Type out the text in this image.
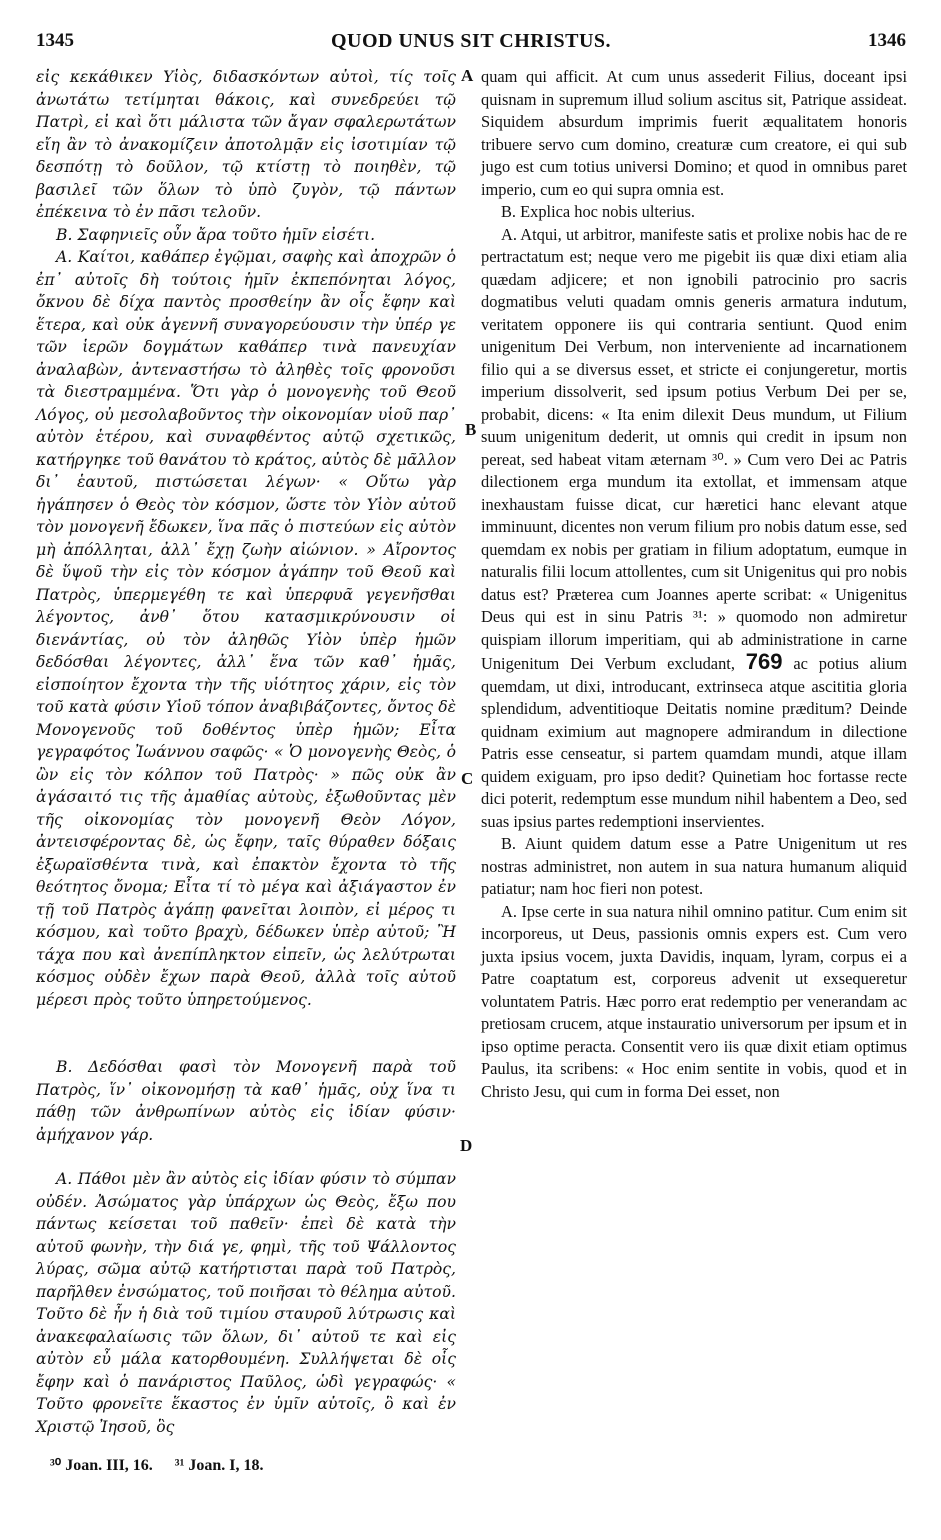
1345	QUOD UNUS SIT CHRISTUS.	1346

εἰς κεκάθικεν Υἱὸς, διδασκόντων αὐτοὶ, τίς τοῖς ἀνωτάτω τετίμηται θάκοις, καὶ συνεδρεύει τῷ Πατρὶ, εἰ καὶ ὅτι μάλιστα τῶν ἄγαν σφαλερωτάτων εἴη ἂν τὸ ἀνακομίζειν ἀποτολμᾷν εἰς ἰσοτιμίαν τῷ δεσπότῃ τὸ δοῦλον, τῷ κτίστῃ τὸ ποιηθὲν, τῷ βασιλεῖ τῶν ὅλων τὸ ὑπὸ ζυγὸν, τῷ πάντων ἐπέκεινα τὸ ἐν πᾶσι τελοῦν.

Β. Σαφηνιεῖς οὖν ἄρα τοῦτο ἡμῖν εἰσέτι.

Α. Καίτοι, καθάπερ ἐγῷμαι, σαφὴς καὶ ἀποχρῶν ὁ ἐπ᾽ αὐτοῖς δὴ τούτοις ἡμῖν ἐκπεπόνηται λόγος, ὄκνου δὲ δίχα παντὸς προσθείην ἂν οἷς ἔφην καὶ ἕτερα, καὶ οὐκ ἀγεννῆ συναγορεύουσιν τὴν ὑπέρ γε τῶν ἱερῶν δογμάτων καθάπερ τινὰ πανευχίαν ἀναλαβὼν, ἀντεναστήσω τὸ ἀληθὲς τοῖς φρονοῦσι τὰ διεστραμμένα. Ὅτι γὰρ ὁ μονογενὴς τοῦ Θεοῦ Λόγος, οὐ μεσολαβοῦντος τὴν οἰκονομίαν υἱοῦ παρ᾽ αὐτὸν ἑτέρου, καὶ συναφθέντος αὐτῷ σχετικῶς, κατήργηκε τοῦ θανάτου τὸ κράτος, αὐτὸς δὲ μᾶλλον δι᾽ ἑαυτοῦ, πιστώσεται λέγων· « Οὕτω γὰρ ἠγάπησεν ὁ Θεὸς τὸν κόσμον, ὥστε τὸν Υἱὸν αὐτοῦ τὸν μονογενῆ ἔδωκεν, ἵνα πᾶς ὁ πιστεύων εἰς αὐτὸν μὴ ἀπόλληται, ἀλλ᾽ ἔχῃ ζωὴν αἰώνιον. » Αἴροντος δὲ ὕψοῦ τὴν εἰς τὸν κόσμον ἀγάπην τοῦ Θεοῦ καὶ Πατρὸς, ὑπερμεγέθη τε καὶ ὑπερφυᾶ γεγενῆσθαι λέγοντος, ἀνθ᾽ ὅτου κατασμικρύνουσιν οἱ διενάντίας, οὐ τὸν ἀληθῶς Υἱὸν ὑπὲρ ἡμῶν δεδόσθαι λέγοντες, ἀλλ᾽ ἕνα τῶν καθ᾽ ἡμᾶς, εἰσποίητον ἔχοντα τὴν τῆς υἱότητος χάριν, εἰς τὸν τοῦ κατὰ φύσιν Υἱοῦ τόπον ἀναβιβάζοντες, ὄντος δὲ Μονογενοῦς τοῦ δοθέντος ὑπὲρ ἡμῶν; Εἶτα γεγραφότος Ἰωάννου σαφῶς· « Ὁ μονογενὴς Θεὸς, ὁ ὢν εἰς τὸν κόλπον τοῦ Πατρὸς· » πῶς οὐκ ἂν ἀγάσαιτό τις τῆς ἀμαθίας αὐτοὺς, ἐξωθοῦντας μὲν τῆς οἰκονομίας τὸν μονογενῆ Θεὸν Λόγον, ἀντεισφέροντας δὲ, ὡς ἔφην, ταῖς θύραθεν δόξαις ἐξωραϊσθέντα τινὰ, καὶ ἐπακτὸν ἔχοντα τὸ τῆς θεότητος ὄνομα; Εἶτα τί τὸ μέγα καὶ ἀξιάγαστον ἐν τῇ τοῦ Πατρὸς ἀγάπῃ φανεῖται λοιπὸν, εἰ μέρος τι κόσμου, καὶ τοῦτο βραχὺ, δέδωκεν ὑπὲρ αὐτοῦ; Ἢ τάχα που καὶ ἀνεπίπληκτον εἰπεῖν, ὡς λελύτρωται κόσμος οὐδὲν ἔχων παρὰ Θεοῦ, ἀλλὰ τοῖς αὐτοῦ μέρεσι πρὸς τοῦτο ὑπηρετούμενος.

Β. Δεδόσθαι φασὶ τὸν Μονογενῆ παρὰ τοῦ Πατρὸς, ἵν᾽ οἰκονομήσῃ τὰ καθ᾽ ἡμᾶς, οὐχ ἵνα τι πάθῃ τῶν ἀνθρωπίνων αὐτὸς εἰς ἰδίαν φύσιν· ἀμήχανον γάρ.

Α. Πάθοι μὲν ἂν αὐτὸς εἰς ἰδίαν φύσιν τὸ σύμπαν οὐδέν. Ἀσώματος γὰρ ὑπάρχων ὡς Θεὸς, ἔξω που πάντως κείσεται τοῦ παθεῖν· ἐπεὶ δὲ κατὰ τὴν αὐτοῦ φωνὴν, τὴν διά γε, φημὶ, τῆς τοῦ Ψάλλοντος λύρας, σῶμα αὐτῷ κατήρτισται παρὰ τοῦ Πατρὸς, παρῆλθεν ἐνσώματος, τοῦ ποιῆσαι τὸ θέλημα αὐτοῦ. Τοῦτο δὲ ἦν ἡ διὰ τοῦ τιμίου σταυροῦ λύτρωσις καὶ ἀνακεφαλαίωσις τῶν ὅλων, δι᾽ αὐτοῦ τε καὶ εἰς αὐτὸν εὖ μάλα κατορθουμένη. Συλλήψεται δὲ οἷς ἔφην καὶ ὁ πανάριστος Παῦλος, ὡδὶ γεγραφώς· « Τοῦτο φρονεῖτε ἕκαστος ἐν ὑμῖν αὐτοῖς, ὃ καὶ ἐν Χριστῷ Ἰησοῦ, ὃς

A
B
C
D

quam qui afficit. At cum unus assederit Filius, doceant ipsi quisnam in supremum illud solium ascitus sit, Patrique assideat. Siquidem absurdum imprimis fuerit æqualitatem honoris tribuere servo cum domino, creaturæ cum creatore, ei qui sub jugo est cum totius universi Domino; et quod in omnibus paret imperio, cum eo qui supra omnia est.

B. Explica hoc nobis ulterius.

A. Atqui, ut arbitror, manifeste satis et prolixe nobis hac de re pertractatum est; neque vero me pigebit iis quæ dixi etiam alia quædam adjicere; et non ignobili patrocinio pro sacris dogmatibus veluti quadam omnis generis armatura indutum, veritatem opponere iis qui contraria sentiunt. Quod enim unigenitum Dei Verbum, non interveniente ad incarnationem filio qui a se diversus esset, et stricte ei conjungeretur, mortis imperium dissolverit, sed ipsum potius Verbum Dei per se, probabit, dicens: « Ita enim dilexit Deus mundum, ut Filium suum unigenitum dederit, ut omnis qui credit in ipsum non pereat, sed habeat vitam æternam ³⁰. » Cum vero Dei ac Patris dilectionem erga mundum ita extollat, et immensam atque inexhaustam fuisse dicat, cur hæretici hanc elevant atque imminuunt, dicentes non verum filium pro nobis datum esse, sed quemdam ex nobis per gratiam in filium adoptatum, eumque in naturalis filii locum attollentes, cum sit Unigenitus qui pro nobis datus est? Præterea cum Joannes aperte scribat: « Unigenitus Deus qui est in sinu Patris ³¹: » quomodo non admiretur quispiam illorum imperitiam, qui ab administratione in carne Unigenitum Dei Verbum excludant, 769 ac potius alium quemdam, ut dixi, introducant, extrinseca atque ascititia gloria splendidum, adventitioque Deitatis nomine præditum? Deinde quidnam eximium aut magnopere admirandum in dilectione Patris esse censeatur, si partem quamdam mundi, atque illam quidem exiguam, pro ipso dedit? Quinetiam hoc fortasse recte dici poterit, redemptum esse mundum nihil habentem a Deo, sed suas ipsius partes redemptioni inservientes.

B. Aiunt quidem datum esse a Patre Unigenitum ut res nostras administret, non autem in sua natura humanum aliquid patiatur; nam hoc fieri non potest.

A. Ipse certe in sua natura nihil omnino patitur. Cum enim sit incorporeus, ut Deus, passionis omnis expers est. Cum vero juxta ipsius vocem, juxta Davidis, inquam, lyram, corpus ei a Patre coaptatum est, corporeus advenit ut exsequeretur voluntatem Patris. Hæc porro erat redemptio per venerandam ac pretiosam crucem, atque instauratio universorum per ipsum et in ipso optime peracta. Consentit vero iis quæ dixit etiam optimus Paulus, ita scribens: « Hoc enim sentite in vobis, quod et in Christo Jesu, qui cum in forma Dei esset, non

³⁰ Joan. III, 16. ³¹ Joan. I, 18.
